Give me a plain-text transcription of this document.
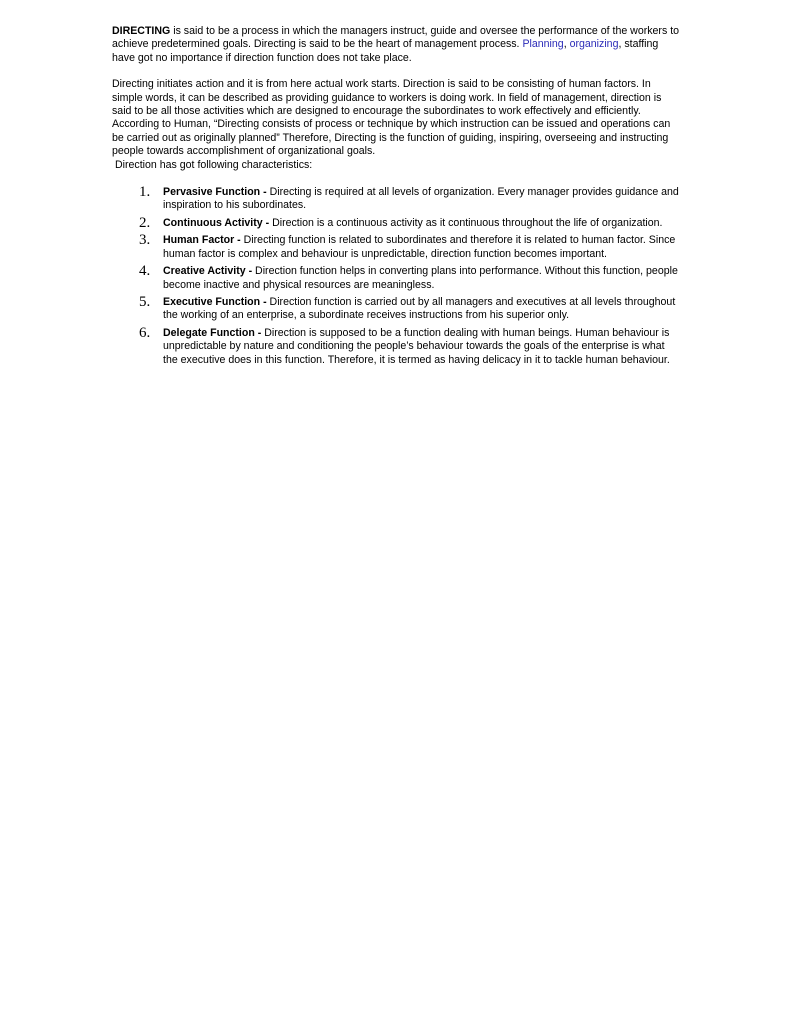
DIRECTING is said to be a process in which the managers instruct, guide and oversee the performance of the workers to achieve predetermined goals. Directing is said to be the heart of management process. Planning, organizing, staffing have got no importance if direction function does not take place.

Directing initiates action and it is from here actual work starts. Direction is said to be consisting of human factors. In simple words, it can be described as providing guidance to workers is doing work. In field of management, direction is said to be all those activities which are designed to encourage the subordinates to work effectively and efficiently. According to Human, “Directing consists of process or technique by which instruction can be issued and operations can be carried out as originally planned” Therefore, Directing is the function of guiding, inspiring, overseeing and instructing people towards accomplishment of organizational goals.

Direction has got following characteristics:

1.	Pervasive Function - Directing is required at all levels of organization. Every manager provides guidance and inspiration to his subordinates.
2.	Continuous Activity - Direction is a continuous activity as it continuous throughout the life of organization.
3.	Human Factor - Directing function is related to subordinates and therefore it is related to human factor. Since human factor is complex and behaviour is unpredictable, direction function becomes important.
4.	Creative Activity - Direction function helps in converting plans into performance. Without this function, people become inactive and physical resources are meaningless.
5.	Executive Function - Direction function is carried out by all managers and executives at all levels throughout the working of an enterprise, a subordinate receives instructions from his superior only.
6.	Delegate Function - Direction is supposed to be a function dealing with human beings. Human behaviour is unpredictable by nature and conditioning the people’s behaviour towards the goals of the enterprise is what the executive does in this function. Therefore, it is termed as having delicacy in it to tackle human behaviour.
